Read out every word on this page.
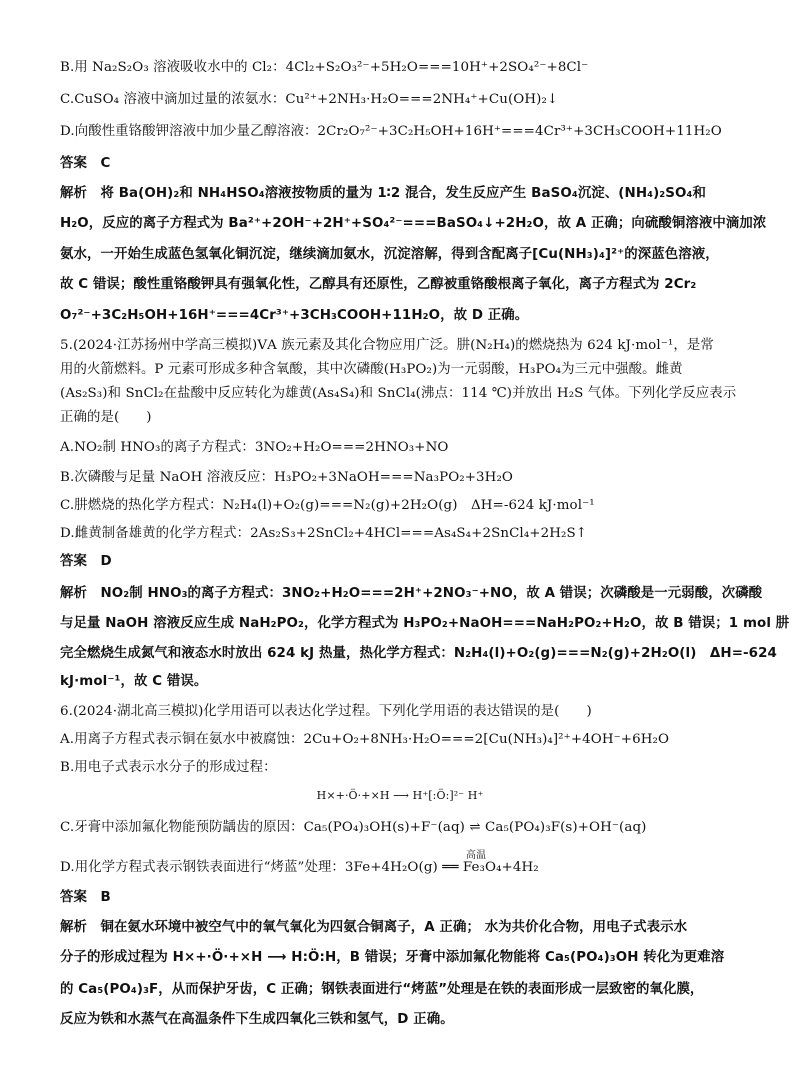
B.用 Na₂S₂O₃ 溶液吸收水中的 Cl₂：4Cl₂+S₂O₃²⁻+5H₂O===10H⁺+2SO₄²⁻+8Cl⁻
C.CuSO₄ 溶液中滴加过量的浓氨水：Cu²⁺+2NH₃·H₂O===2NH₄⁺+Cu(OH)₂↓
D.向酸性重铬酸钾溶液中加少量乙醇溶液：2Cr₂O₇²⁻+3C₂H₅OH+16H⁺===4Cr³⁺+3CH₃COOH+11H₂O
答案　C
解析　将 Ba(OH)₂和 NH₄HSO₄溶液按物质的量为 1∶2 混合，发生反应产生 BaSO₄沉淀、(NH₄)₂SO₄和
H₂O，反应的离子方程式为 Ba²⁺+2OH⁻+2H⁺+SO₄²⁻===BaSO₄↓+2H₂O，故 A 正确；向硫酸铜溶液中滴加浓
氨水，一开始生成蓝色氢氧化铜沉淀，继续滴加氨水，沉淀溶解，得到含配离子[Cu(NH₃)₄]²⁺的深蓝色溶液，
故 C 错误；酸性重铬酸钾具有强氧化性，乙醇具有还原性，乙醇被重铬酸根离子氧化，离子方程式为 2Cr₂
O₇²⁻+3C₂H₅OH+16H⁺===4Cr³⁺+3CH₃COOH+11H₂O，故 D 正确。
5.(2024·江苏扬州中学高三模拟)ⅤA 族元素及其化合物应用广泛。肼(N₂H₄)的燃烧热为 624 kJ·mol⁻¹，是常
用的火箭燃料。P 元素可形成多种含氧酸，其中次磷酸(H₃PO₂)为一元弱酸，H₃PO₄为三元中强酸。雌黄
(As₂S₃)和 SnCl₂在盐酸中反应转化为雄黄(As₄S₄)和 SnCl₄(沸点：114 ℃)并放出 H₂S 气体。下列化学反应表示
正确的是(　　)
A.NO₂制 HNO₃的离子方程式：3NO₂+H₂O===2HNO₃+NO
B.次磷酸与足量 NaOH 溶液反应：H₃PO₂+3NaOH===Na₃PO₂+3H₂O
C.肼燃烧的热化学方程式：N₂H₄(l)+O₂(g)===N₂(g)+2H₂O(g)　ΔH=-624 kJ·mol⁻¹
D.雌黄制备雄黄的化学方程式：2As₂S₃+2SnCl₂+4HCl===As₄S₄+2SnCl₄+2H₂S↑
答案　D
解析　NO₂制 HNO₃的离子方程式：3NO₂+H₂O===2H⁺+2NO₃⁻+NO，故 A 错误；次磷酸是一元弱酸，次磷酸
与足量 NaOH 溶液反应生成 NaH₂PO₂，化学方程式为 H₃PO₂+NaOH===NaH₂PO₂+H₂O，故 B 错误；1 mol 肼
完全燃烧生成氮气和液态水时放出 624 kJ 热量，热化学方程式：N₂H₄(l)+O₂(g)===N₂(g)+2H₂O(l)　ΔH=-624
kJ·mol⁻¹，故 C 错误。
6.(2024·湖北高三模拟)化学用语可以表达化学过程。下列化学用语的表达错误的是(　　)
A.用离子方程式表示铜在氨水中被腐蚀：2Cu+O₂+8NH₃·H₂O===2[Cu(NH₃)₄]²⁺+4OH⁻+6H₂O
B.用电子式表示水分子的形成过程：
H×+·Ö·+×H ⟶ H⁺[:Ö:]²⁻ H⁺
C.牙膏中添加氟化物能预防龋齿的原因：Ca₅(PO₄)₃OH(s)+F⁻(aq) ⇌ Ca₅(PO₄)₃F(s)+OH⁻(aq)
高温
D.用化学方程式表示钢铁表面进行“烤蓝”处理：3Fe+4H₂O(g) ══ Fe₃O₄+4H₂
答案　B
解析　铜在氨水环境中被空气中的氧气氧化为四氨合铜离子，A 正确； 水为共价化合物，用电子式表示水
分子的形成过程为 H×+·Ö·+×H ⟶ H:Ö:H，B 错误；牙膏中添加氟化物能将 Ca₅(PO₄)₃OH 转化为更难溶
的 Ca₅(PO₄)₃F，从而保护牙齿，C 正确；钢铁表面进行“烤蓝”处理是在铁的表面形成一层致密的氧化膜，
反应为铁和水蒸气在高温条件下生成四氧化三铁和氢气，D 正确。
